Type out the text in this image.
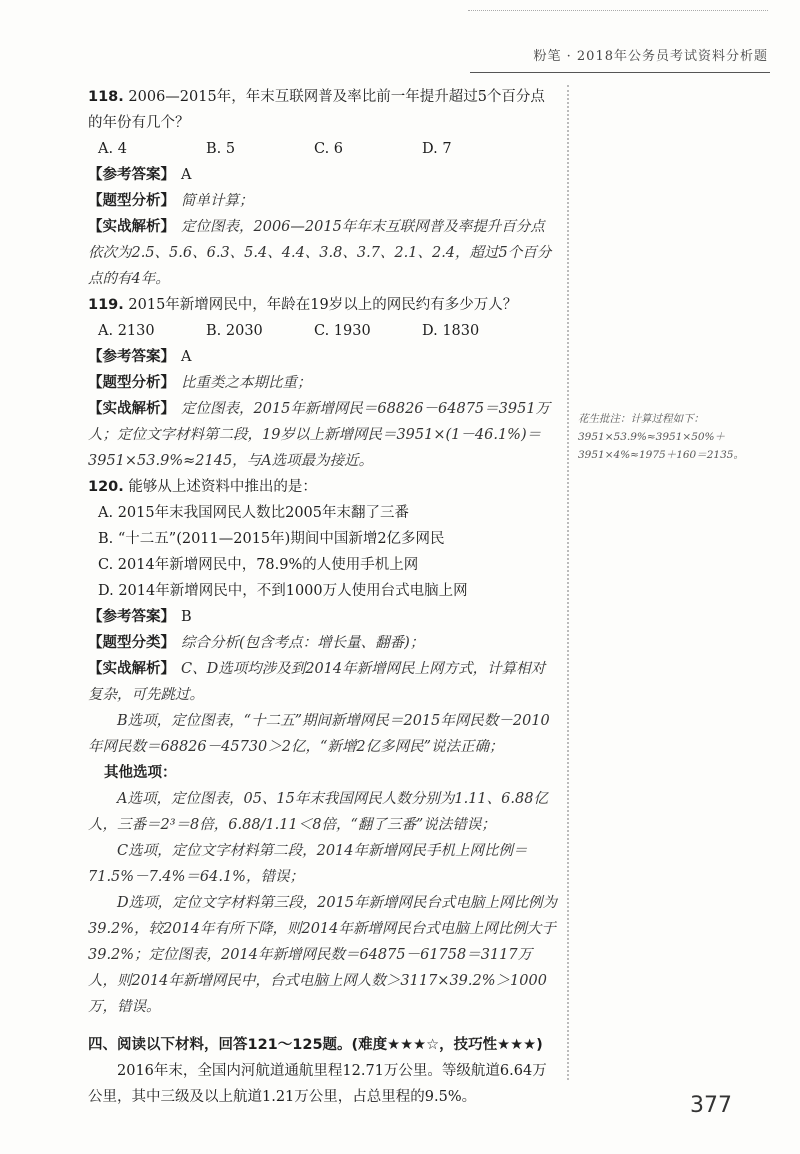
粉笔 · 2018年公务员考试资料分析题

118. 2006—2015年，年末互联网普及率比前一年提升超过5个百分点的年份有几个？

A. 4	B. 5	C. 6	D. 7

【参考答案】 A

【题型分析】 简单计算；

【实战解析】 定位图表，2006—2015年年末互联网普及率提升百分点依次为2.5、5.6、6.3、5.4、4.4、3.8、3.7、2.1、2.4，超过5个百分点的有4年。

119. 2015年新增网民中，年龄在19岁以上的网民约有多少万人？

A. 2130	B. 2030	C. 1930	D. 1830

【参考答案】 A

【题型分析】 比重类之本期比重；

【实战解析】 定位图表，2015年新增网民＝68826－64875＝3951万人；定位文字材料第二段，19岁以上新增网民＝3951×(1－46.1%)＝3951×53.9%≈2145，与A选项最为接近。

120. 能够从上述资料中推出的是：

A. 2015年末我国网民人数比2005年末翻了三番

B. “十二五”(2011—2015年)期间中国新增2亿多网民

C. 2014年新增网民中，78.9%的人使用手机上网

D. 2014年新增网民中，不到1000万人使用台式电脑上网

【参考答案】 B

【题型分类】 综合分析(包含考点：增长量、翻番)；

【实战解析】 C、D选项均涉及到2014年新增网民上网方式，计算相对复杂，可先跳过。

B选项，定位图表，“十二五”期间新增网民＝2015年网民数－2010年网民数＝68826－45730＞2亿，“新增2亿多网民”说法正确；

其他选项：

A选项，定位图表，05、15年末我国网民人数分别为1.11、6.88亿人，三番＝2³＝8倍，6.88/1.11＜8倍，“翻了三番”说法错误；

C选项，定位文字材料第二段，2014年新增网民手机上网比例＝71.5%－7.4%＝64.1%，错误；

D选项，定位文字材料第三段，2015年新增网民台式电脑上网比例为39.2%，较2014年有所下降，则2014年新增网民台式电脑上网比例大于39.2%；定位图表，2014年新增网民数＝64875－61758＝3117万人，则2014年新增网民中，台式电脑上网人数＞3117×39.2%＞1000万，错误。

四、阅读以下材料，回答121～125题。(难度★★★☆，技巧性★★★)

2016年末，全国内河航道通航里程12.71万公里。等级航道6.64万公里，其中三级及以上航道1.21万公里，占总里程的9.5%。

花生批注：计算过程如下：3951×53.9%≈3951×50%＋3951×4%≈1975＋160＝2135。
377
